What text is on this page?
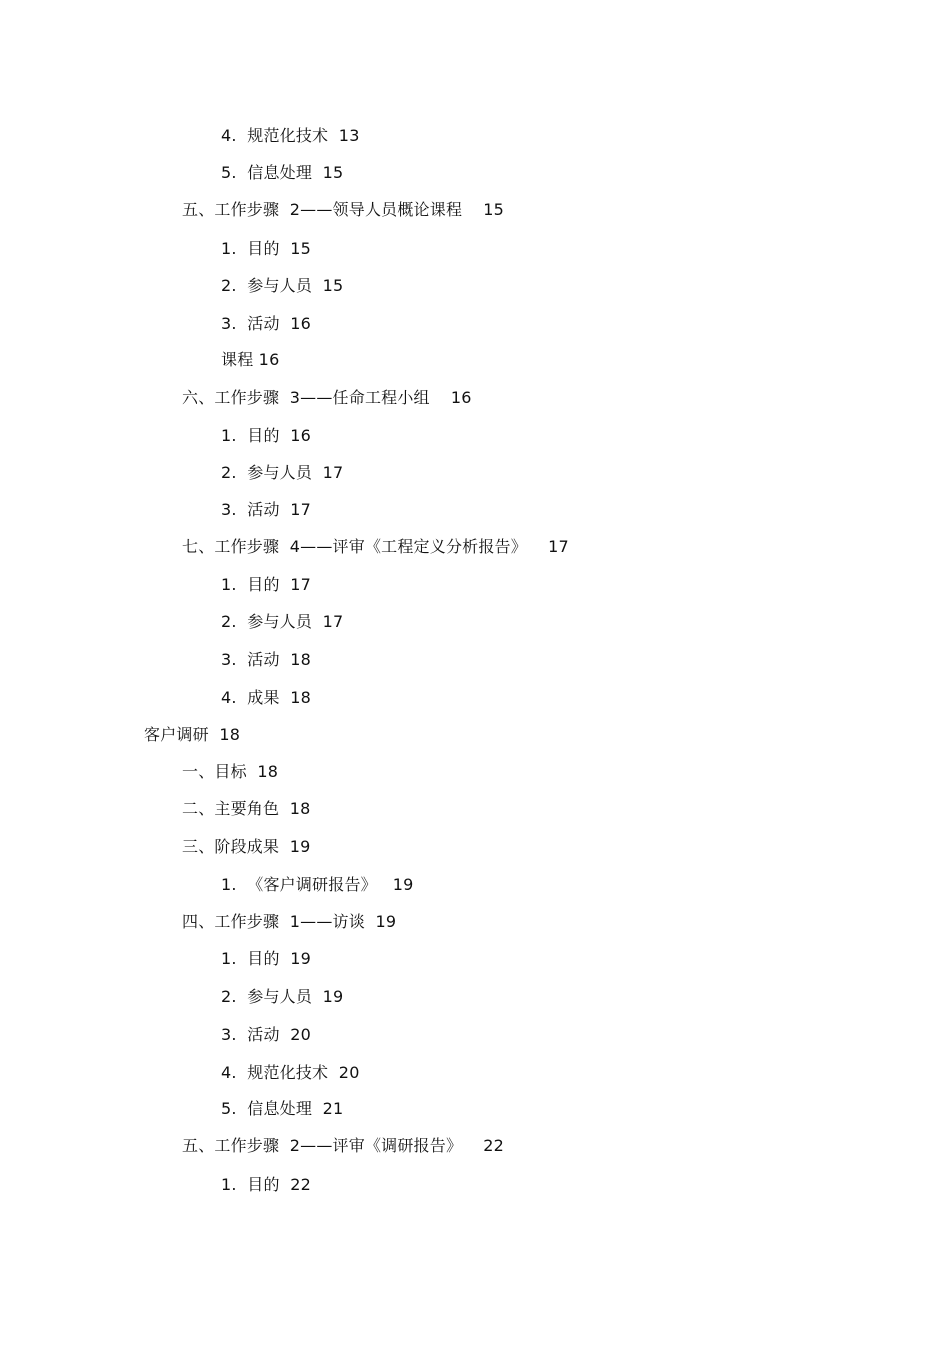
4.  规范化技术  13
5.  信息处理  15
五、工作步骤  2——领导人员概论课程    15
1.  目的  15
2.  参与人员  15
3.  活动  16
课程 16
六、工作步骤  3——任命工程小组    16
1.  目的  16
2.  参与人员  17
3.  活动  17
七、工作步骤  4——评审《工程定义分析报告》    17
1.  目的  17
2.  参与人员  17
3.  活动  18
4.  成果  18
客户调研  18
一、目标  18
二、主要角色  18
三、阶段成果  19
1.  《客户调研报告》   19
四、工作步骤  1——访谈  19
1.  目的  19
2.  参与人员  19
3.  活动  20
4.  规范化技术  20
5.  信息处理  21
五、工作步骤  2——评审《调研报告》    22
1.  目的  22
